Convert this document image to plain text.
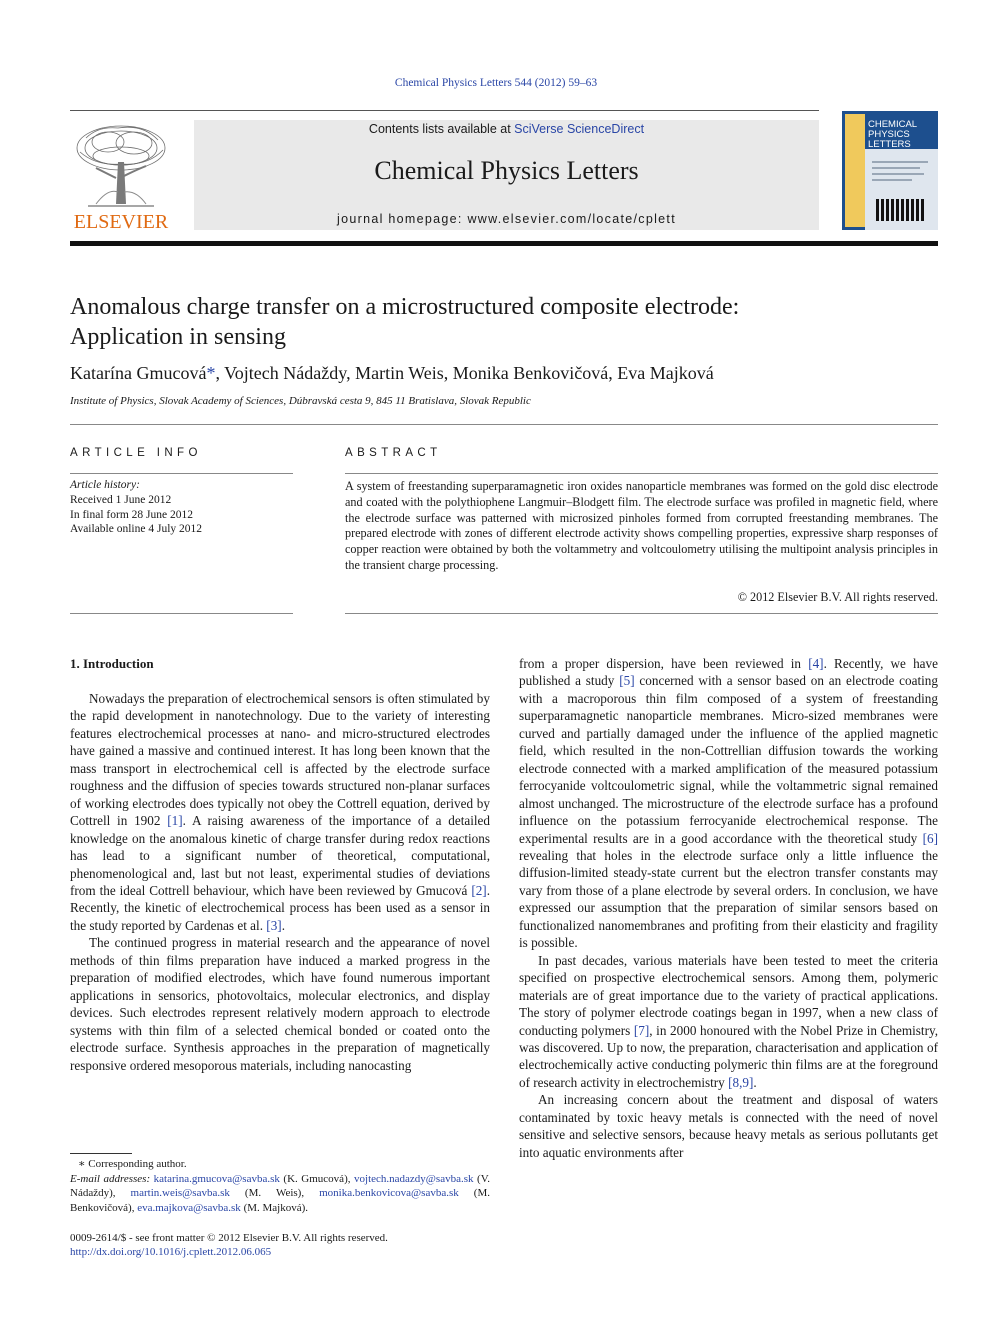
Chemical Physics Letters 544 (2012) 59–63
ELSEVIER
Contents lists available at SciVerse ScienceDirect
Chemical Physics Letters
journal homepage: www.elsevier.com/locate/cplett
CHEMICAL
PHYSICS
LETTERS
Anomalous charge transfer on a microstructured composite electrode:
Application in sensing
Katarína Gmucová*, Vojtech Nádaždy, Martin Weis, Monika Benkovičová, Eva Majková
Institute of Physics, Slovak Academy of Sciences, Dúbravská cesta 9, 845 11 Bratislava, Slovak Republic
ARTICLE INFO
Article history:
Received 1 June 2012
In final form 28 June 2012
Available online 4 July 2012
ABSTRACT
A system of freestanding superparamagnetic iron oxides nanoparticle membranes was formed on the gold disc electrode and coated with the polythiophene Langmuir–Blodgett film. The electrode surface was profiled in magnetic field, where the electrode surface was patterned with microsized pinholes formed from corrupted freestanding membranes. The prepared electrode with zones of different electrode activity shows compelling properties, expressive sharp responses of copper reaction were obtained by both the voltammetry and voltcoulometry utilising the multipoint analysis principles in the transient charge processing.
© 2012 Elsevier B.V. All rights reserved.
1. Introduction

Nowadays the preparation of electrochemical sensors is often stimulated by the rapid development in nanotechnology. Due to the variety of interesting features electrochemical processes at nano- and micro-structured electrodes have gained a massive and continued interest. It has long been known that the mass transport in electrochemical cell is affected by the electrode surface roughness and the diffusion of species towards structured non-planar surfaces of working electrodes does typically not obey the Cottrell equation, derived by Cottrell in 1902 [1]. A raising awareness of the importance of a detailed knowledge on the anomalous kinetic of charge transfer during redox reactions has lead to a significant number of theoretical, computational, phenomenological and, last but not least, experimental studies of deviations from the ideal Cottrell behaviour, which have been reviewed by Gmucová [2]. Recently, the kinetic of electrochemical process has been used as a sensor in the study reported by Cardenas et al. [3].

The continued progress in material research and the appearance of novel methods of thin films preparation have induced a marked progress in the preparation of modified electrodes, which have found numerous important applications in sensorics, photovoltaics, molecular electronics, and display devices. Such electrodes represent relatively modern approach to electrode systems with thin film of a selected chemical bonded or coated onto the electrode surface. Synthesis approaches in the preparation of magnetically responsive ordered mesoporous materials, including nanocasting

from a proper dispersion, have been reviewed in [4]. Recently, we have published a study [5] concerned with a sensor based on an electrode coating with a macroporous thin film composed of a system of freestanding superparamagnetic nanoparticle membranes. Micro-sized membranes were curved and partially damaged under the influence of the applied magnetic field, which resulted in the non-Cottrellian diffusion towards the working electrode connected with a marked amplification of the measured potassium ferrocyanide voltcoulometric signal, while the voltammetric signal remained almost unchanged. The microstructure of the electrode surface has a profound influence on the potassium ferrocyanide electrochemical response. The experimental results are in a good accordance with the theoretical study [6] revealing that holes in the electrode surface only a little influence the diffusion-limited steady-state current but the electron transfer constants may vary from those of a plane electrode by several orders. In conclusion, we have expressed our assumption that the preparation of similar sensors based on functionalized nanomembranes and profiting from their elasticity and fragility is possible.

In past decades, various materials have been tested to meet the criteria specified on prospective electrochemical sensors. Among them, polymeric materials are of great importance due to the variety of practical applications. The story of polymer electrode coatings began in 1997, when a new class of conducting polymers [7], in 2000 honoured with the Nobel Prize in Chemistry, was discovered. Up to now, the preparation, characterisation and application of electrochemically active conducting polymeric thin films are at the foreground of research activity in electrochemistry [8,9].

An increasing concern about the treatment and disposal of waters contaminated by toxic heavy metals is connected with the need of novel sensitive and selective sensors, because heavy metals as serious pollutants get into aquatic environments after

∗ Corresponding author.
E-mail addresses: katarina.gmucova@savba.sk (K. Gmucová), vojtech.nadazdy@savba.sk (V. Nádaždy), martin.weis@savba.sk (M. Weis), monika.benkovicova@savba.sk (M. Benkovičová), eva.majkova@savba.sk (M. Majková).
0009-2614/$ - see front matter © 2012 Elsevier B.V. All rights reserved.
http://dx.doi.org/10.1016/j.cplett.2012.06.065
